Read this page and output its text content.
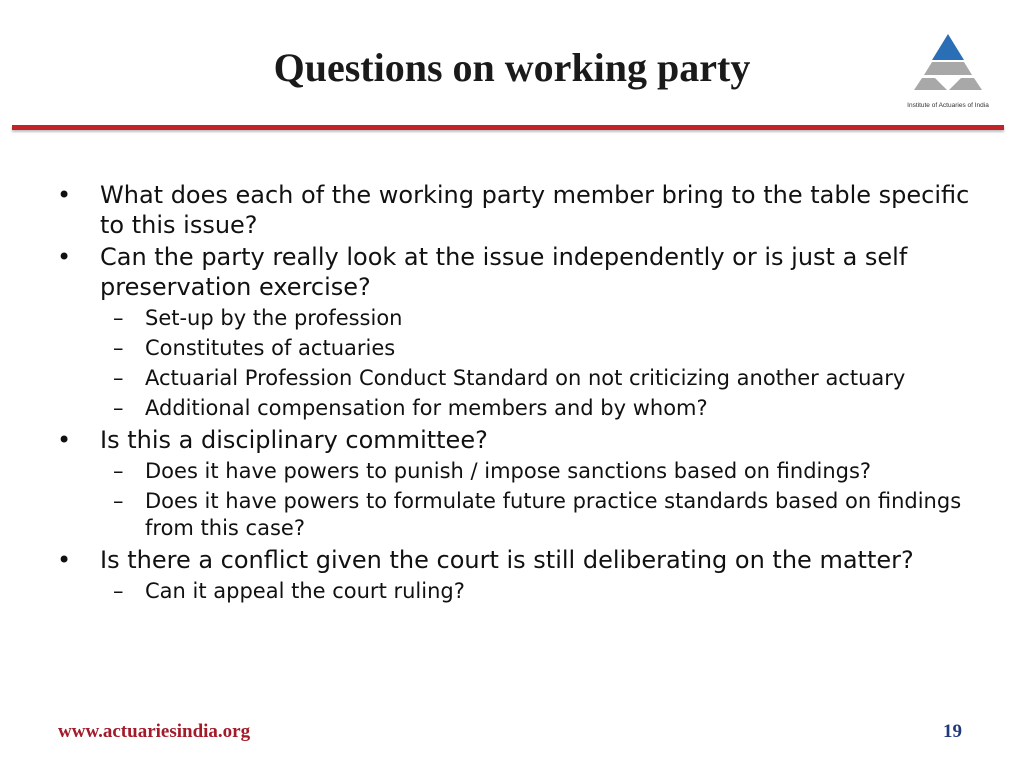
Questions on working party
Institute of Actuaries of India
• What does each of the working party member bring to the table specific to this issue?
• Can the party really look at the issue independently or is just a self preservation exercise?
– Set-up by the profession
– Constitutes of actuaries
– Actuarial Profession Conduct Standard on not criticizing another actuary
– Additional compensation for members and by whom?
• Is this a disciplinary committee?
– Does it have powers to punish / impose sanctions based on findings?
– Does it have powers to formulate future practice standards based on findings from this case?
• Is there a conflict given the court is still deliberating on the matter?
– Can it appeal the court ruling?
www.actuariesindia.org	19
